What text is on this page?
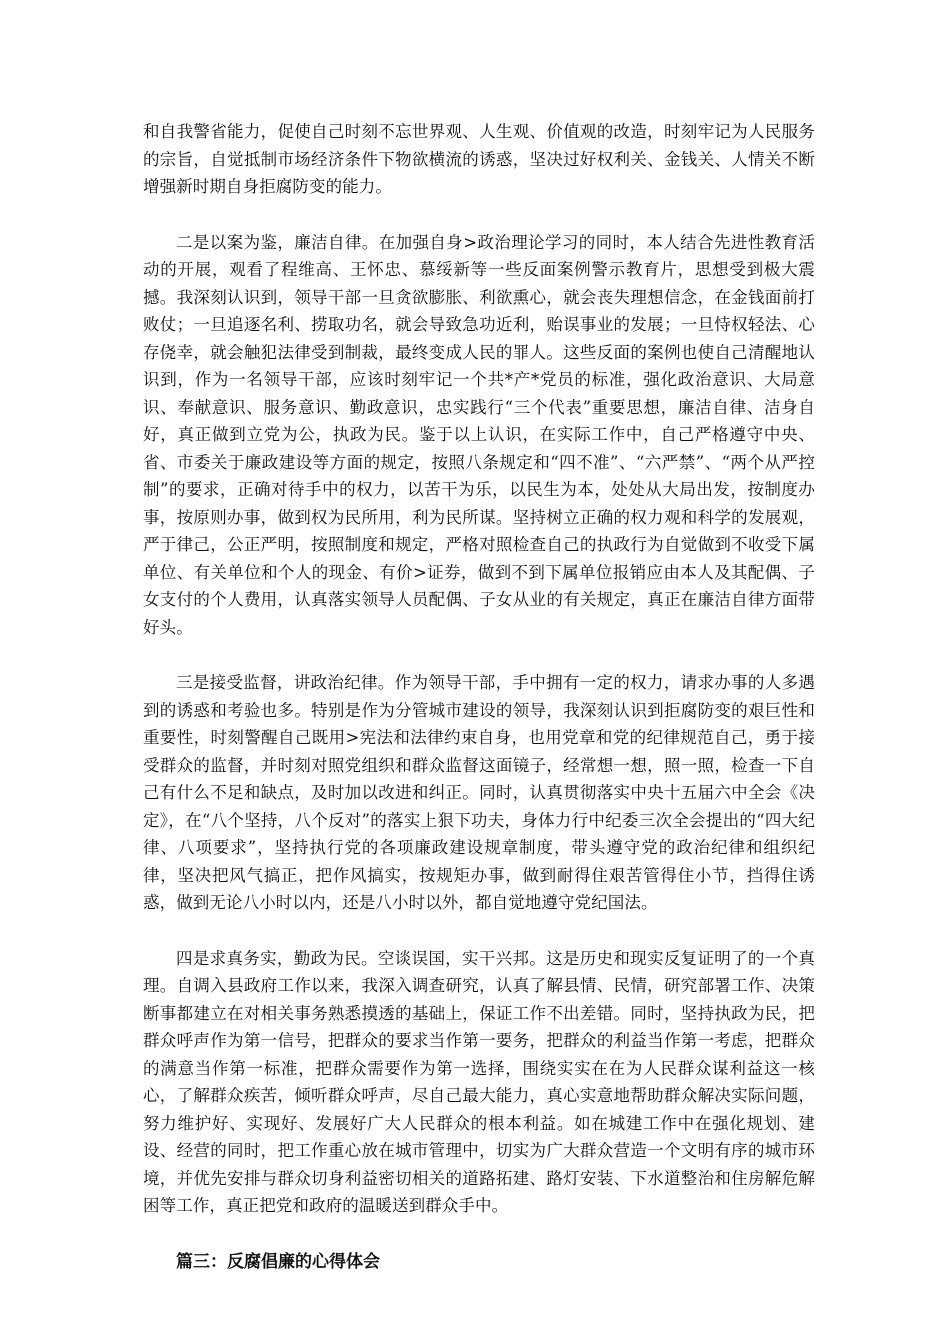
和自我警省能力，促使自己时刻不忘世界观、人生观、价值观的改造，时刻牢记为人民服务的宗旨，自觉抵制市场经济条件下物欲横流的诱惑，坚决过好权利关、金钱关、人情关不断增强新时期自身拒腐防变的能力。

二是以案为鉴，廉洁自律。在加强自身>政治理论学习的同时，本人结合先进性教育活动的开展，观看了程维高、王怀忠、慕绥新等一些反面案例警示教育片，思想受到极大震撼。我深刻认识到，领导干部一旦贪欲膨胀、利欲熏心，就会丧失理想信念，在金钱面前打败仗；一旦追逐名利、捞取功名，就会导致急功近利，贻误事业的发展；一旦恃权轻法、心存侥幸，就会触犯法律受到制裁，最终变成人民的罪人。这些反面的案例也使自己清醒地认识到，作为一名领导干部，应该时刻牢记一个共*产*党员的标准，强化政治意识、大局意识、奉献意识、服务意识、勤政意识，忠实践行“三个代表”重要思想，廉洁自律、洁身自好，真正做到立党为公，执政为民。鉴于以上认识，在实际工作中，自己严格遵守中央、省、市委关于廉政建设等方面的规定，按照八条规定和“四不准”、“六严禁”、“两个从严控制”的要求，正确对待手中的权力，以苦干为乐，以民生为本，处处从大局出发，按制度办事，按原则办事，做到权为民所用，利为民所谋。坚持树立正确的权力观和科学的发展观，严于律己，公正严明，按照制度和规定，严格对照检查自己的执政行为自觉做到不收受下属单位、有关单位和个人的现金、有价>证券，做到不到下属单位报销应由本人及其配偶、子女支付的个人费用，认真落实领导人员配偶、子女从业的有关规定，真正在廉洁自律方面带好头。

三是接受监督，讲政治纪律。作为领导干部，手中拥有一定的权力，请求办事的人多遇到的诱惑和考验也多。特别是作为分管城市建设的领导，我深刻认识到拒腐防变的艰巨性和重要性，时刻警醒自己既用>宪法和法律约束自身，也用党章和党的纪律规范自己，勇于接受群众的监督，并时刻对照党组织和群众监督这面镜子，经常想一想，照一照，检查一下自己有什么不足和缺点，及时加以改进和纠正。同时，认真贯彻落实中央十五届六中全会《决定》，在“八个坚持，八个反对”的落实上狠下功夫，身体力行中纪委三次全会提出的“四大纪律、八项要求”，坚持执行党的各项廉政建设规章制度，带头遵守党的政治纪律和组织纪律，坚决把风气搞正，把作风搞实，按规矩办事，做到耐得住艰苦管得住小节，挡得住诱惑，做到无论八小时以内，还是八小时以外，都自觉地遵守党纪国法。

四是求真务实，勤政为民。空谈误国，实干兴邦。这是历史和现实反复证明了的一个真理。自调入县政府工作以来，我深入调查研究，认真了解县情、民情，研究部署工作、决策断事都建立在对相关事务熟悉摸透的基础上，保证工作不出差错。同时，坚持执政为民，把群众呼声作为第一信号，把群众的要求当作第一要务，把群众的利益当作第一考虑，把群众的满意当作第一标准，把群众需要作为第一选择，围绕实实在在为人民群众谋利益这一核心，了解群众疾苦，倾听群众呼声，尽自己最大能力，真心实意地帮助群众解决实际问题，努力维护好、实现好、发展好广大人民群众的根本利益。如在城建工作中在强化规划、建设、经营的同时，把工作重心放在城市管理中，切实为广大群众营造一个文明有序的城市环境，并优先安排与群众切身利益密切相关的道路拓建、路灯安装、下水道整治和住房解危解困等工作，真正把党和政府的温暖送到群众手中。

篇三：反腐倡廉的心得体会
